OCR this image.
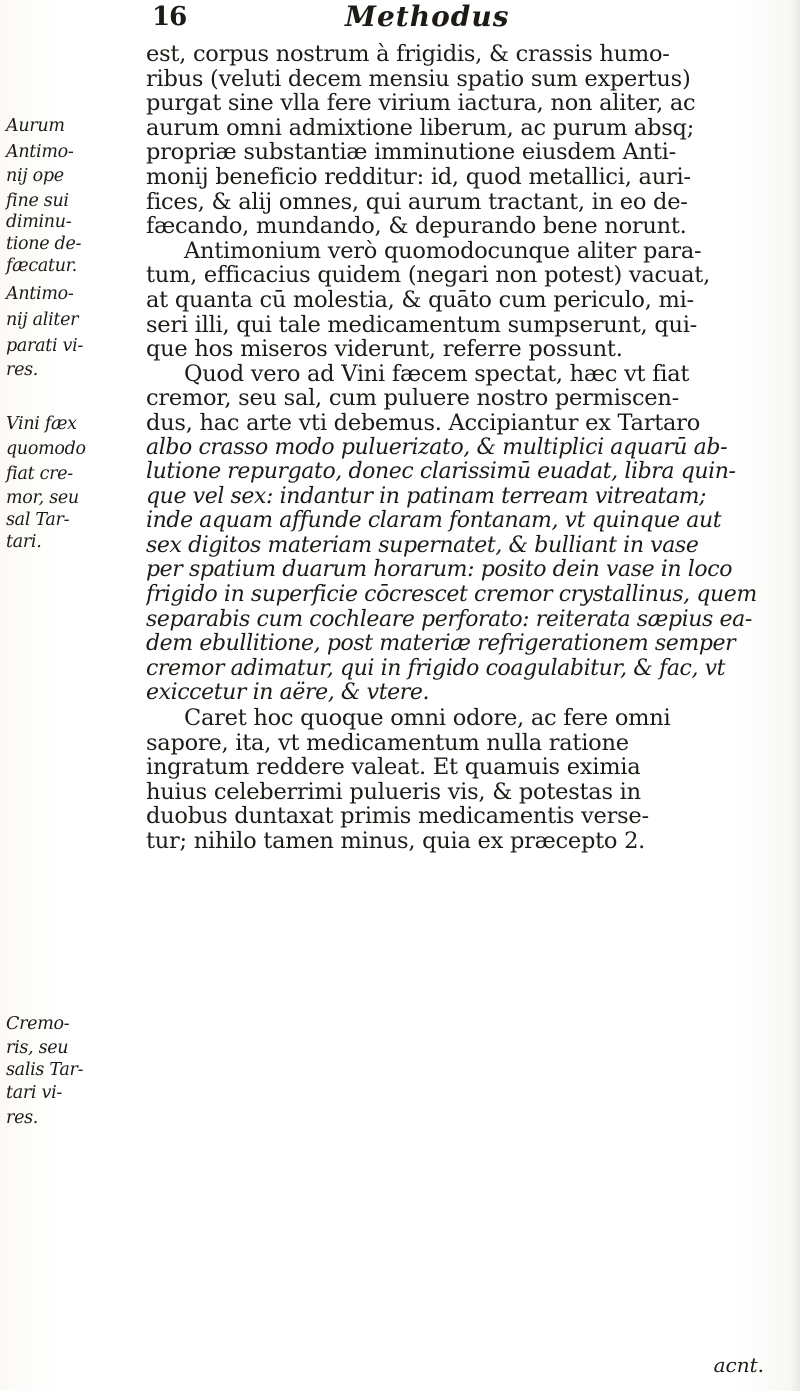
16	Methodus
Aurum
Antimo-
nij ope
fine sui
diminu-
tione de-
fæcatur.
Antimo-
nij aliter
parati vi-
res.
Vini fæx
quomodo
fiat cre-
mor, seu
sal Tar-
tari.
Cremo-
ris, seu
salis Tar-
tari vi-
res.
est, corpus nostrum à frigidis, & crassis humo-
ribus (veluti decem mensiu spatio sum expertus)
purgat sine vlla fere virium iactura, non aliter, ac
aurum omni admixtione liberum, ac purum absq;
propriæ substantiæ imminutione eiusdem Anti-
monij beneficio redditur: id, quod metallici, auri-
fices, & alij omnes, qui aurum tractant, in eo de-
fæcando, mundando, & depurando bene norunt.
Antimonium verò quomodocunque aliter para-
tum, efficacius quidem (negari non potest) vacuat,
at quanta cū molestia, & quāto cum periculo, mi-
seri illi, qui tale medicamentum sumpserunt, qui-
que hos miseros viderunt, referre possunt.
Quod vero ad Vini fæcem spectat, hæc vt fiat
cremor, seu sal, cum puluere nostro permiscen-
dus, hac arte vti debemus. Accipiantur ex Tartaro
albo crasso modo puluerizato, & multiplici aquarū ab-
lutione repurgato, donec clarissimū euadat, libra quin-
que vel sex: indantur in patinam terream vitreatam;
inde aquam affunde claram fontanam, vt quinque aut
sex digitos materiam supernatet, & bulliant in vase
per spatium duarum horarum: posito dein vase in loco
frigido in superficie cōcrescet cremor crystallinus, quem
separabis cum cochleare perforato: reiterata sæpius ea-
dem ebullitione, post materiæ refrigerationem semper
cremor adimatur, qui in frigido coagulabitur, & fac, vt
exiccetur in aëre, & vtere.
Caret hoc quoque omni odore, ac fere omni
sapore, ita, vt medicamentum nulla ratione
ingratum reddere valeat. Et quamuis eximia
huius celeberrimi pulueris vis, & potestas in
duobus duntaxat primis medicamentis verse-
tur; nihilo tamen minus, quia ex præcepto 2.
acnt.
